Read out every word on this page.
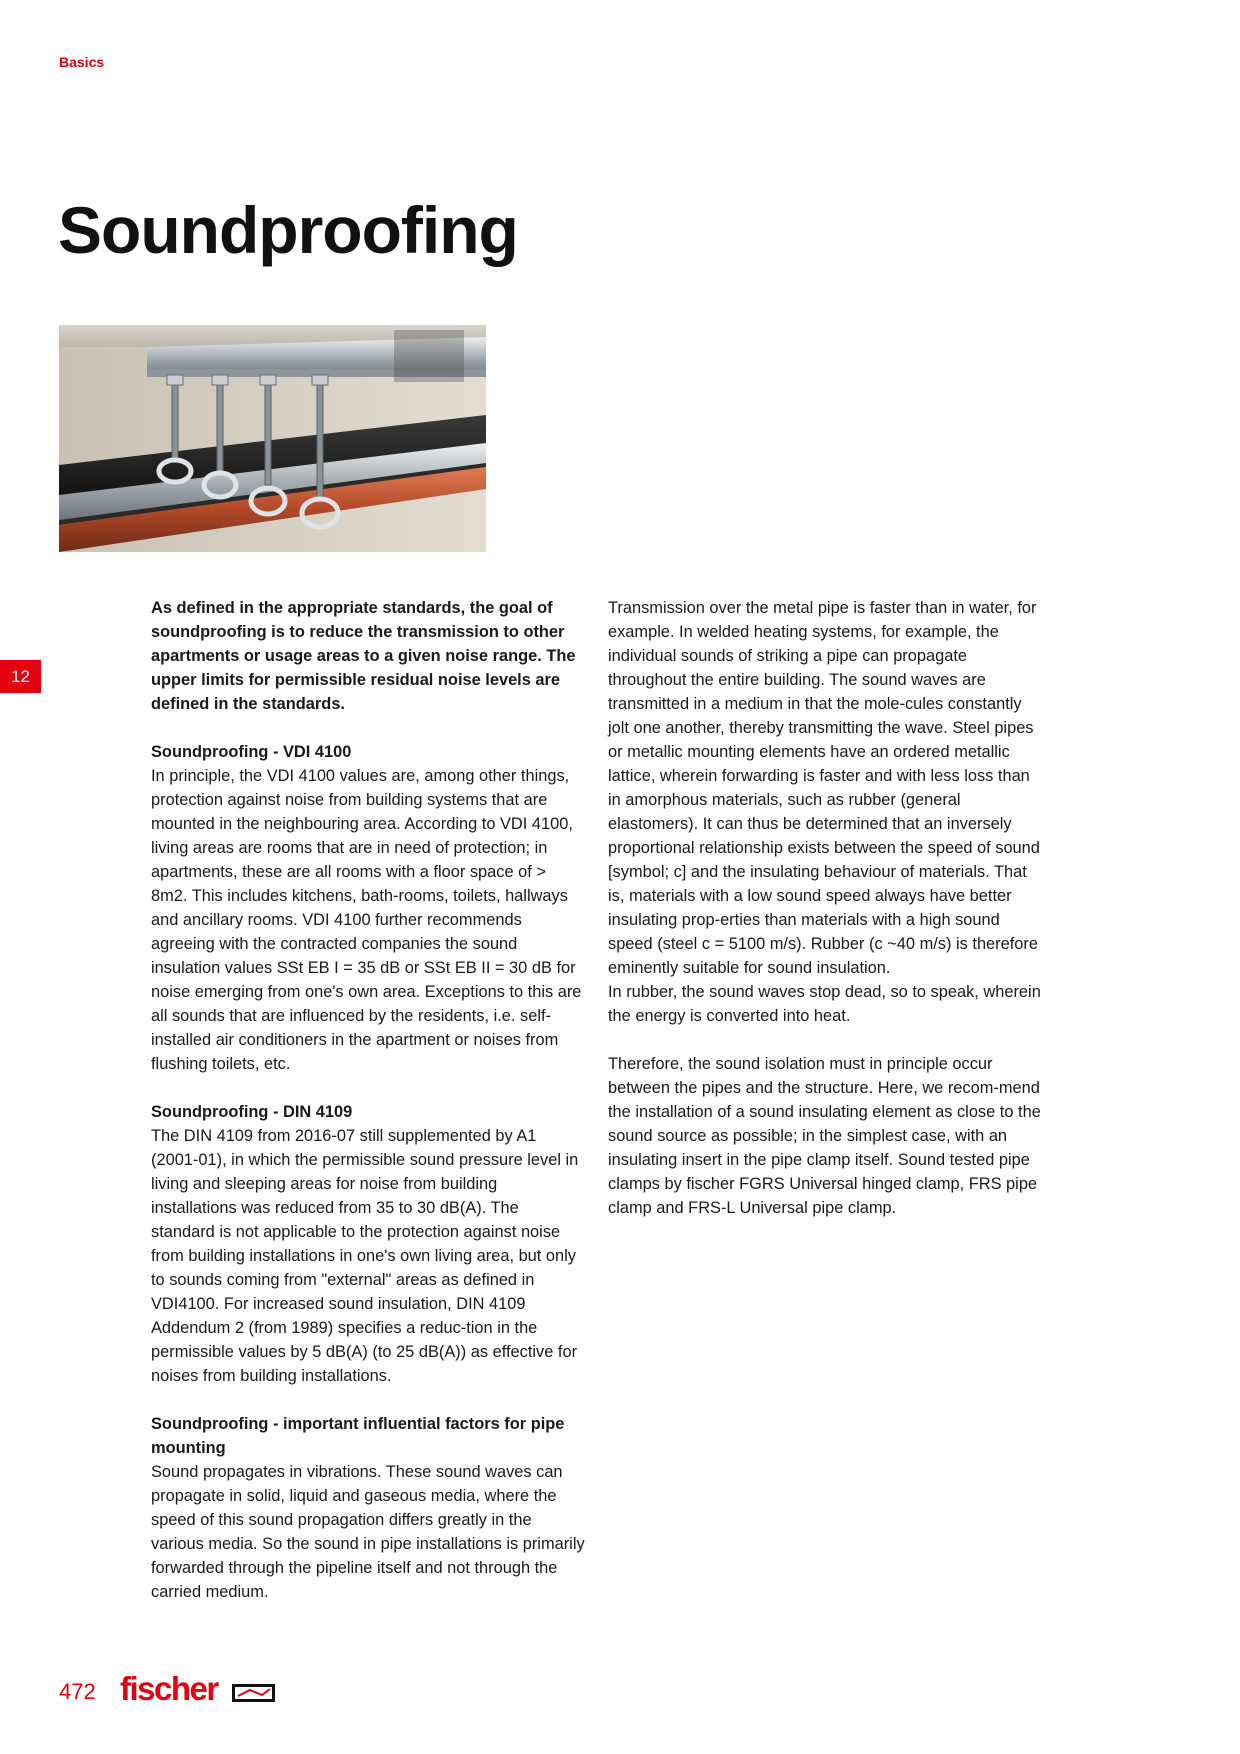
Basics
Soundproofing
12

As defined in the appropriate standards, the goal of soundproofing is to reduce the transmission to other apartments or usage areas to a given noise range. The upper limits for permissible residual noise levels are defined in the standards.

Soundproofing - VDI 4100

In principle, the VDI 4100 values are, among other things, protection against noise from building systems that are mounted in the neighbouring area. According to VDI 4100, living areas are rooms that are in need of protection; in apartments, these are all rooms with a floor space of > 8m2. This includes kitchens, bath-rooms, toilets, hallways and ancillary rooms. VDI 4100 further recommends agreeing with the contracted companies the sound insulation values SSt EB I = 35 dB or SSt EB II = 30 dB for noise emerging from one's own area. Exceptions to this are all sounds that are influenced by the residents, i.e. self-installed air conditioners in the apartment or noises from flushing toilets, etc.

Soundproofing - DIN 4109

The DIN 4109 from 2016-07 still supplemented by A1 (2001-01), in which the permissible sound pressure level in living and sleeping areas for noise from building installations was reduced from 35 to 30 dB(A). The standard is not applicable to the protection against noise from building installations in one's own living area, but only to sounds coming from "external" areas as defined in VDI4100. For increased sound insulation, DIN 4109 Addendum 2 (from 1989) specifies a reduc-tion in the permissible values by 5 dB(A) (to 25 dB(A)) as effective for noises from building installations.

Soundproofing - important influential factors for pipe mounting

Sound propagates in vibrations. These sound waves can propagate in solid, liquid and gaseous media, where the speed of this sound propagation differs greatly in the various media. So the sound in pipe installations is primarily forwarded through the pipeline itself and not through the carried medium.

Transmission over the metal pipe is faster than in water, for example. In welded heating systems, for example, the individual sounds of striking a pipe can propagate throughout the entire building. The sound waves are transmitted in a medium in that the mole-cules constantly jolt one another, thereby transmitting the wave. Steel pipes or metallic mounting elements have an ordered metallic lattice, wherein forwarding is faster and with less loss than in amorphous materials, such as rubber (general elastomers). It can thus be determined that an inversely proportional relationship exists between the speed of sound [symbol; c] and the insulating behaviour of materials. That is, materials with a low sound speed always have better insulating prop-erties than materials with a high sound speed (steel c = 5100 m/s). Rubber (c ~40 m/s) is therefore eminently suitable for sound insulation.

In rubber, the sound waves stop dead, so to speak, wherein the energy is converted into heat.

Therefore, the sound isolation must in principle occur between the pipes and the structure. Here, we recom-mend the installation of a sound insulating element as close to the sound source as possible; in the simplest case, with an insulating insert in the pipe clamp itself. Sound tested pipe clamps by fischer FGRS Universal hinged clamp, FRS pipe clamp and FRS-L Universal pipe clamp.

472 fischer
